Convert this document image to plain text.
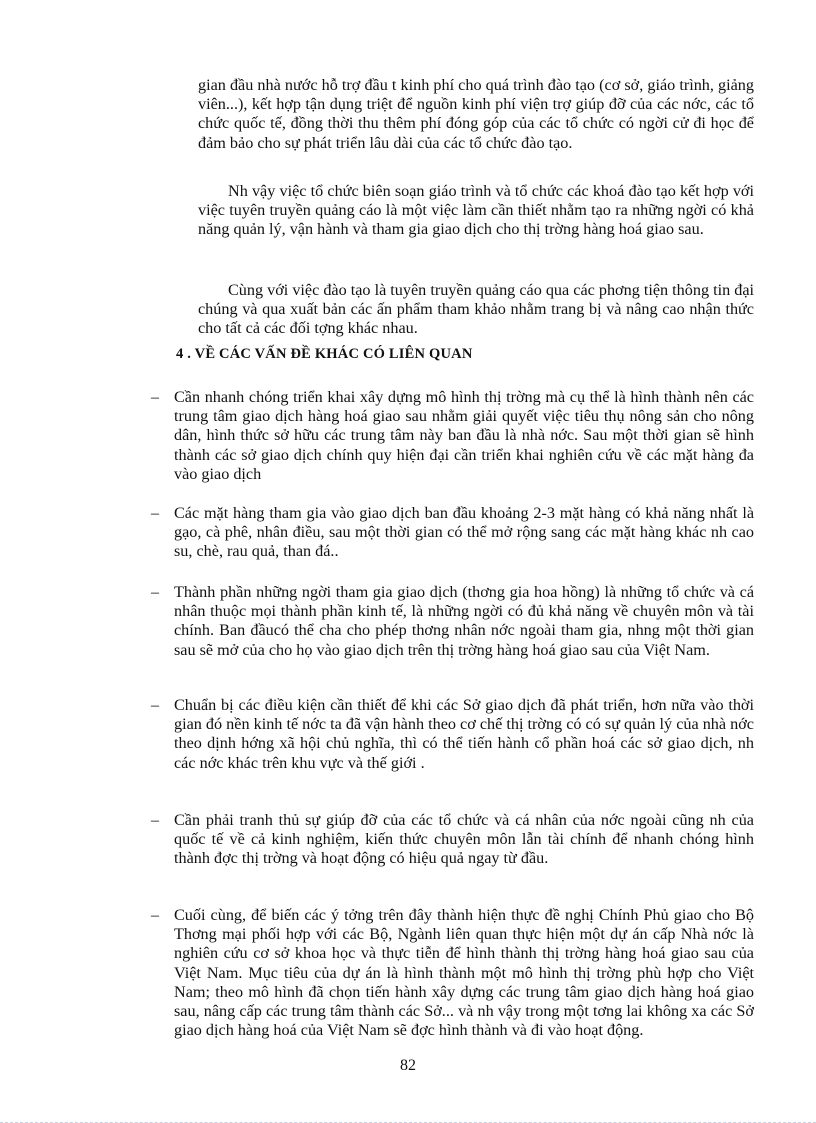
gian đầu nhà nước hỗ trợ đầu t kinh phí cho quá trình đào tạo (cơ sở, giáo trình, giảng viên...), kết hợp tận dụng triệt để nguồn kinh phí viện trợ giúp đỡ của các nớc, các tổ chức quốc tế, đồng thời thu thêm phí đóng góp của các tổ chức có ngời cử đi học để đảm bảo cho sự phát triển lâu dài của các tổ chức đào tạo.

Nh vậy việc tổ chức biên soạn giáo trình và tổ chức các khoá đào tạo kết hợp với việc tuyên truyền quảng cáo là một việc làm cần thiết nhằm tạo ra những ngời có khả năng quản lý, vận hành và tham gia giao dịch cho thị trờng hàng hoá giao sau.

Cùng với việc đào tạo là tuyên truyền quảng cáo qua các phơng tiện thông tin đại chúng và qua xuất bản các ấn phẩm tham khảo nhằm trang bị và nâng cao nhận thức cho tất cả các đối tợng khác nhau.

4 . VỀ CÁC VẤN ĐỀ KHÁC CÓ LIÊN QUAN
– Cần nhanh chóng triển khai xây dựng mô hình thị trờng mà cụ thể là hình thành nên các trung tâm giao dịch hàng hoá giao sau nhằm giải quyết việc tiêu thụ nông sản cho nông dân, hình thức sở hữu các trung tâm này ban đầu là nhà nớc. Sau một thời gian sẽ hình thành các sở giao dịch chính quy hiện đại cần triển khai nghiên cứu về các mặt hàng đa vào giao dịch

– Các mặt hàng tham gia vào giao dịch ban đầu khoảng 2-3 mặt hàng có khả năng nhất là gạo, cà phê, nhân điều, sau một thời gian có thể mở rộng sang các mặt hàng khác nh cao su, chè, rau quả, than đá..

– Thành phần những ngời tham gia giao dịch (thơng gia hoa hồng) là những tổ chức và cá nhân thuộc mọi thành phần kinh tế, là những ngời có đủ khả năng về chuyên môn và tài chính. Ban đầucó thể cha cho phép thơng nhân nớc ngoài tham gia, nhng một thời gian sau sẽ mở của cho họ vào giao dịch trên thị trờng hàng hoá giao sau của Việt Nam.

– Chuẩn bị các điều kiện cần thiết để khi các Sở giao dịch đã phát triển, hơn nữa vào thời gian đó nền kinh tế nớc ta đã vận hành theo cơ chế thị trờng có có sự quản lý của nhà nớc theo dịnh hớng xã hội chủ nghĩa, thì có thể tiến hành cổ phần hoá các sở giao dịch, nh các nớc khác trên khu vực và thế giới .

– Cần phải tranh thủ sự giúp đỡ của các tổ chức và cá nhân của nớc ngoài cũng nh của quốc tế về cả kinh nghiệm, kiến thức chuyên môn lẫn tài chính để nhanh chóng hình thành đợc thị trờng và hoạt động có hiệu quả ngay từ đầu.

– Cuối cùng, để biến các ý tởng trên đây thành hiện thực đề nghị Chính Phủ giao cho Bộ Thơng mại phối hợp với các Bộ, Ngành liên quan thực hiện một dự án cấp Nhà nớc là nghiên cứu cơ sở khoa học và thực tiễn để hình thành thị trờng hàng hoá giao sau của Việt Nam. Mục tiêu của dự án là hình thành một mô hình thị trờng phù hợp cho Việt Nam; theo mô hình đã chọn tiến hành xây dựng các trung tâm giao dịch hàng hoá giao sau, nâng cấp các trung tâm thành các Sở... và nh vậy trong một tơng lai không xa các Sở giao dịch hàng hoá của Việt Nam sẽ đợc hình thành và đi vào hoạt động.

82
